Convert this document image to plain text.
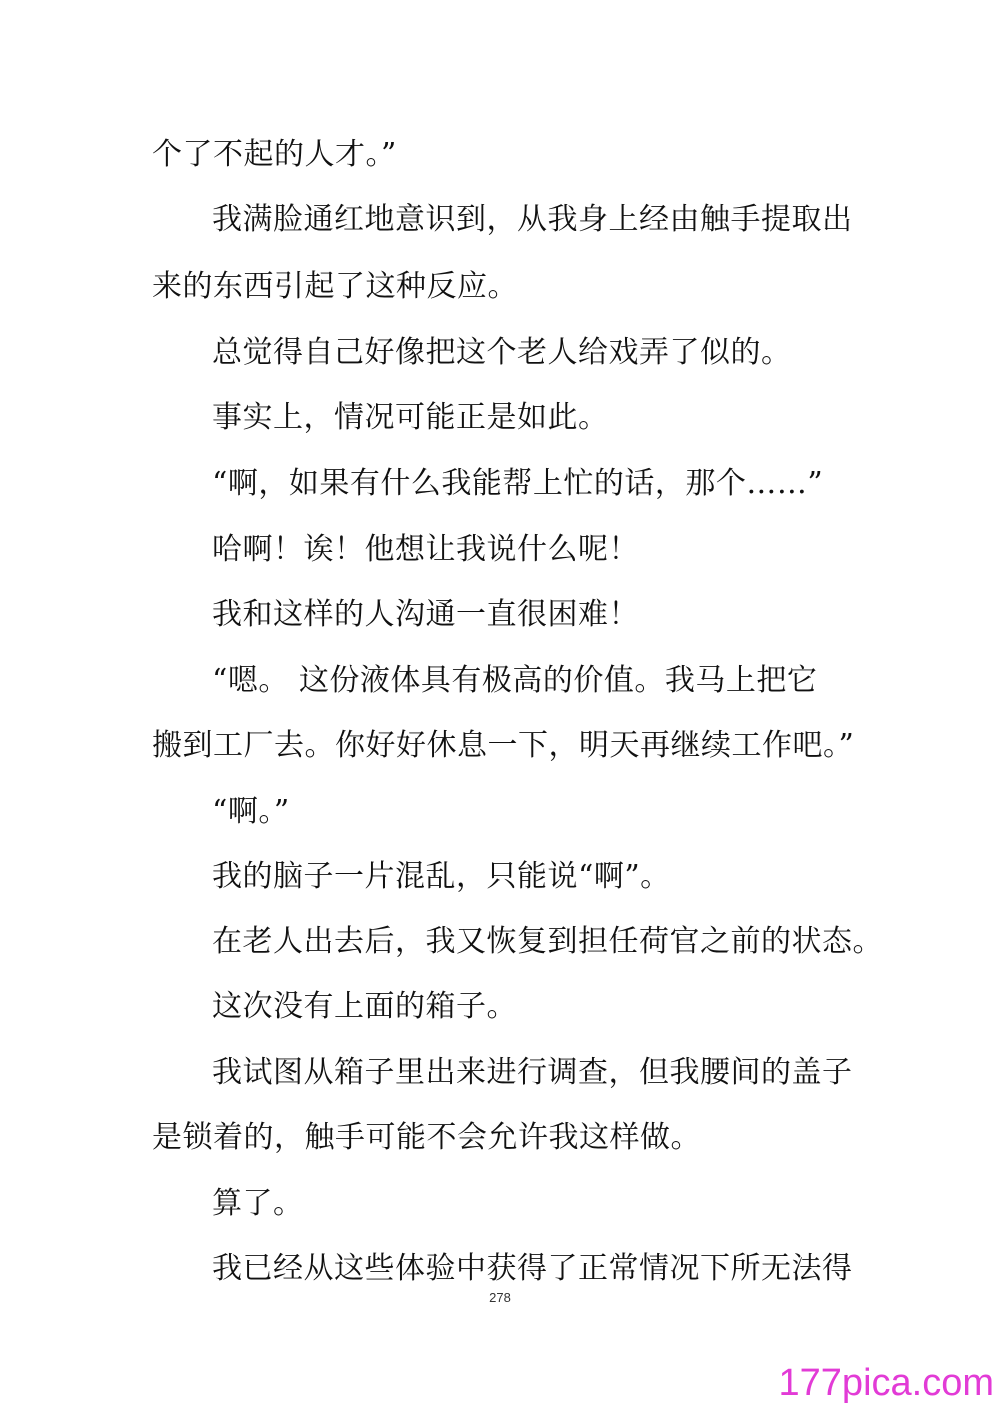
个了不起的人才。”
我满脸通红地意识到，从我身上经由触手提取出
来的东西引起了这种反应。
总觉得自己好像把这个老人给戏弄了似的。
事实上，情况可能正是如此。
“啊，如果有什么我能帮上忙的话，那个……”
哈啊！诶！他想让我说什么呢！
我和这样的人沟通一直很困难！
“嗯。 这份液体具有极高的价值。我马上把它
搬到工厂去。你好好休息一下，明天再继续工作吧。”
“啊。”
我的脑子一片混乱，只能说“啊”。
在老人出去后，我又恢复到担任荷官之前的状态。
这次没有上面的箱子。
我试图从箱子里出来进行调查，但我腰间的盖子
是锁着的，触手可能不会允许我这样做。
算了。
我已经从这些体验中获得了正常情况下所无法得
278
177pica.com
